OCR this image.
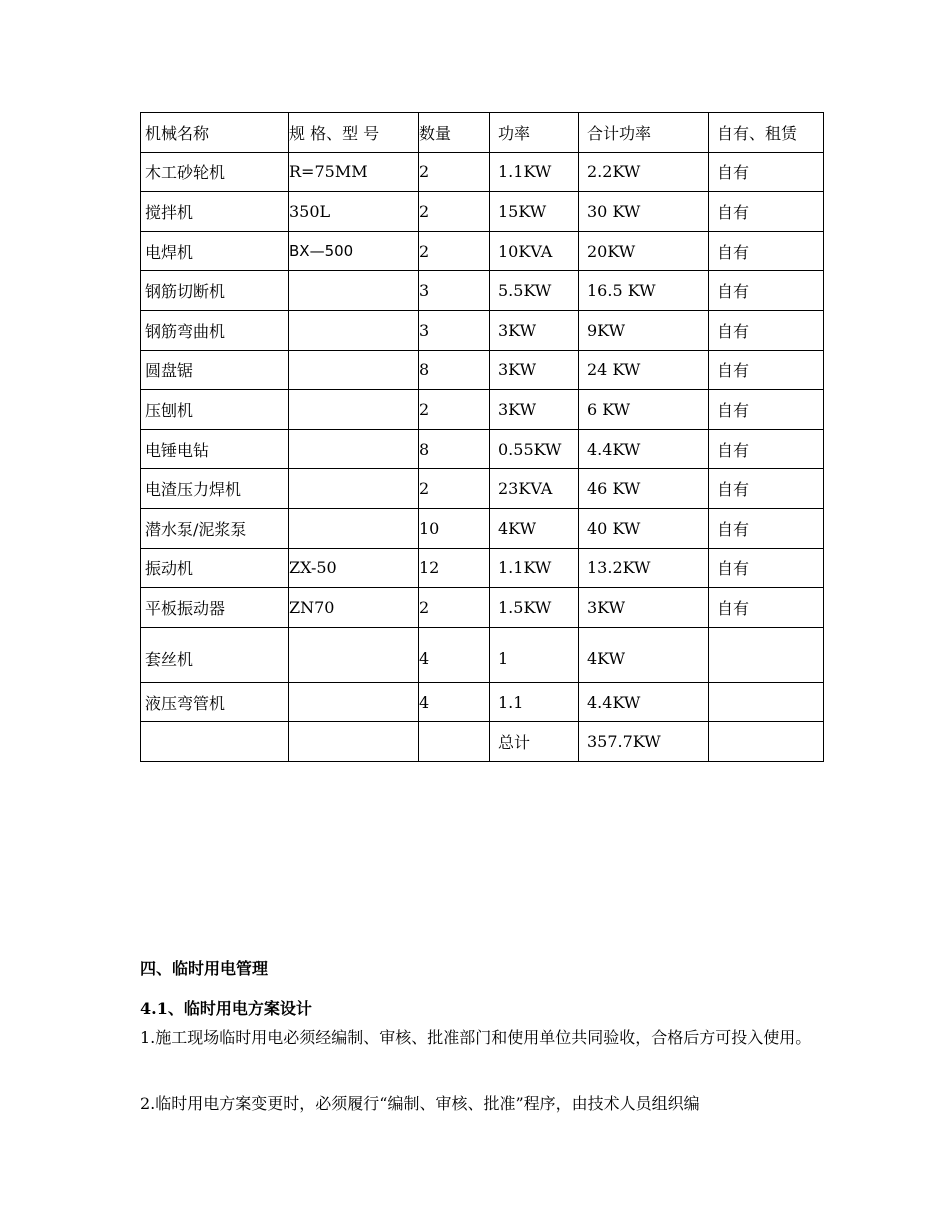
机械名称	规 格、型 号	数量	功率	合计功率	自有、租赁
木工砂轮机	R=75MM	2	1.1KW	2.2KW	自有
搅拌机	350L	2	15KW	30 KW	自有
电焊机	BX—500	2	10KVA	20KW	自有
钢筋切断机		3	5.5KW	16.5 KW	自有
钢筋弯曲机		3	3KW	9KW	自有
圆盘锯		8	3KW	24 KW	自有
压刨机		2	3KW	6 KW	自有
电锤电钻		8	0.55KW	4.4KW	自有
电渣压力焊机		2	23KVA	46 KW	自有
潜水泵/泥浆泵		10	4KW	40 KW	自有
振动机	ZX-50	12	1.1KW	13.2KW	自有
平板振动器	ZN70	2	1.5KW	3KW	自有
套丝机		4	1	4KW	
液压弯管机		4	1.1	4.4KW	
			总计	357.7KW	
四、临时用电管理
4.1、临时用电方案设计

1.施工现场临时用电必须经编制、审核、批准部门和使用单位共同验收，合格后方可投入使用。

2.临时用电方案变更时，必须履行“编制、审核、批准”程序，由技术人员组织编
